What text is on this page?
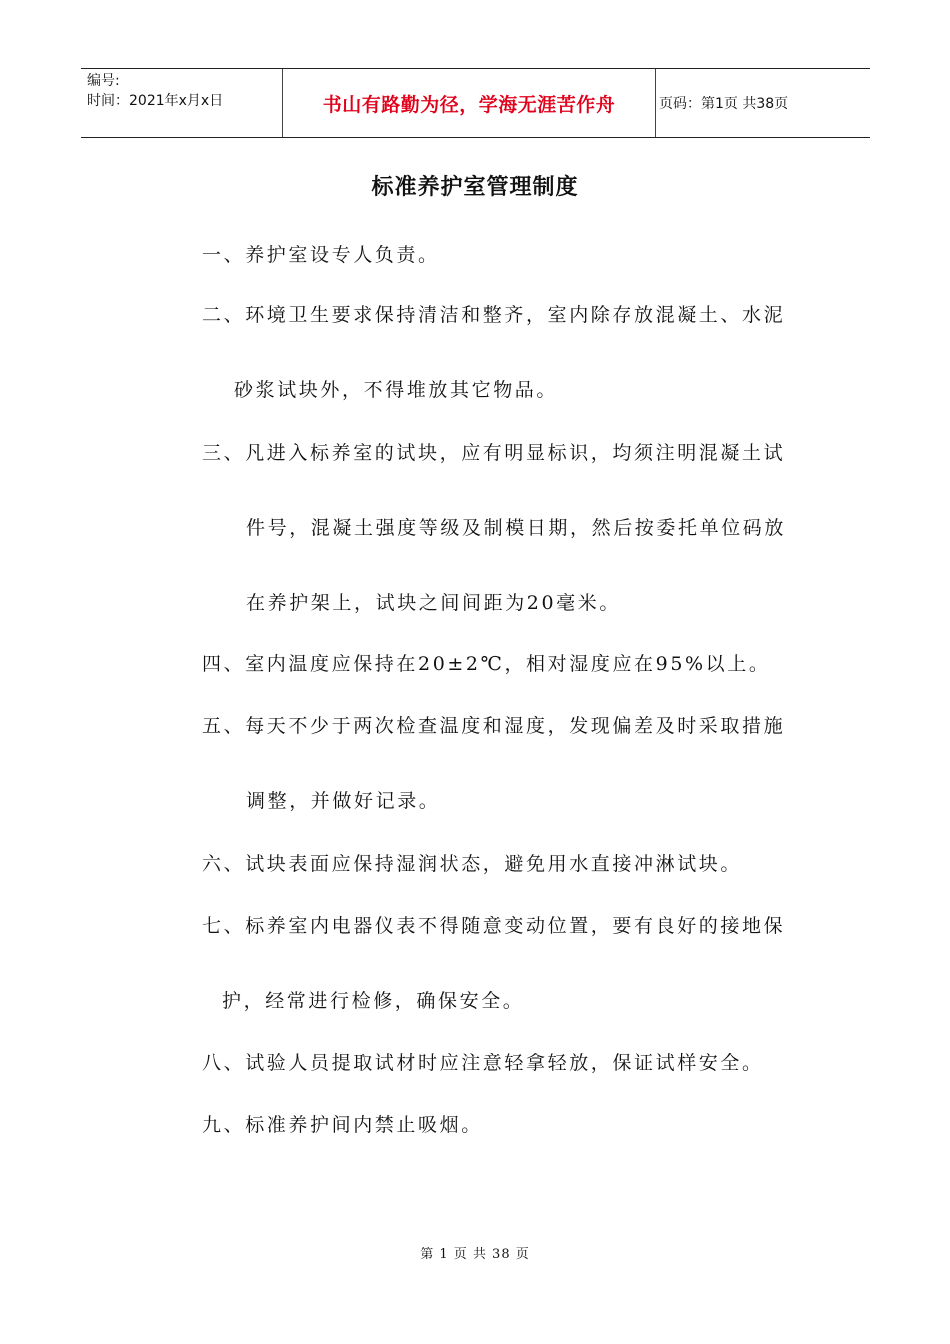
编号:
时间：2021年x月x日	书山有路勤为径，学海无涯苦作舟	页码：第1页 共38页
标准养护室管理制度
一、养护室设专人负责。
二、环境卫生要求保持清洁和整齐，室内除存放混凝土、水泥
砂浆试块外，不得堆放其它物品。
三、凡进入标养室的试块，应有明显标识，均须注明混凝土试
件号，混凝土强度等级及制模日期，然后按委托单位码放
在养护架上，试块之间间距为20毫米。
四、室内温度应保持在20±2℃，相对湿度应在95%以上。
五、每天不少于两次检查温度和湿度，发现偏差及时采取措施
调整，并做好记录。
六、试块表面应保持湿润状态，避免用水直接冲淋试块。
七、标养室内电器仪表不得随意变动位置，要有良好的接地保
护，经常进行检修，确保安全。
八、试验人员提取试材时应注意轻拿轻放，保证试样安全。
九、标准养护间内禁止吸烟。
第 1 页 共 38 页
